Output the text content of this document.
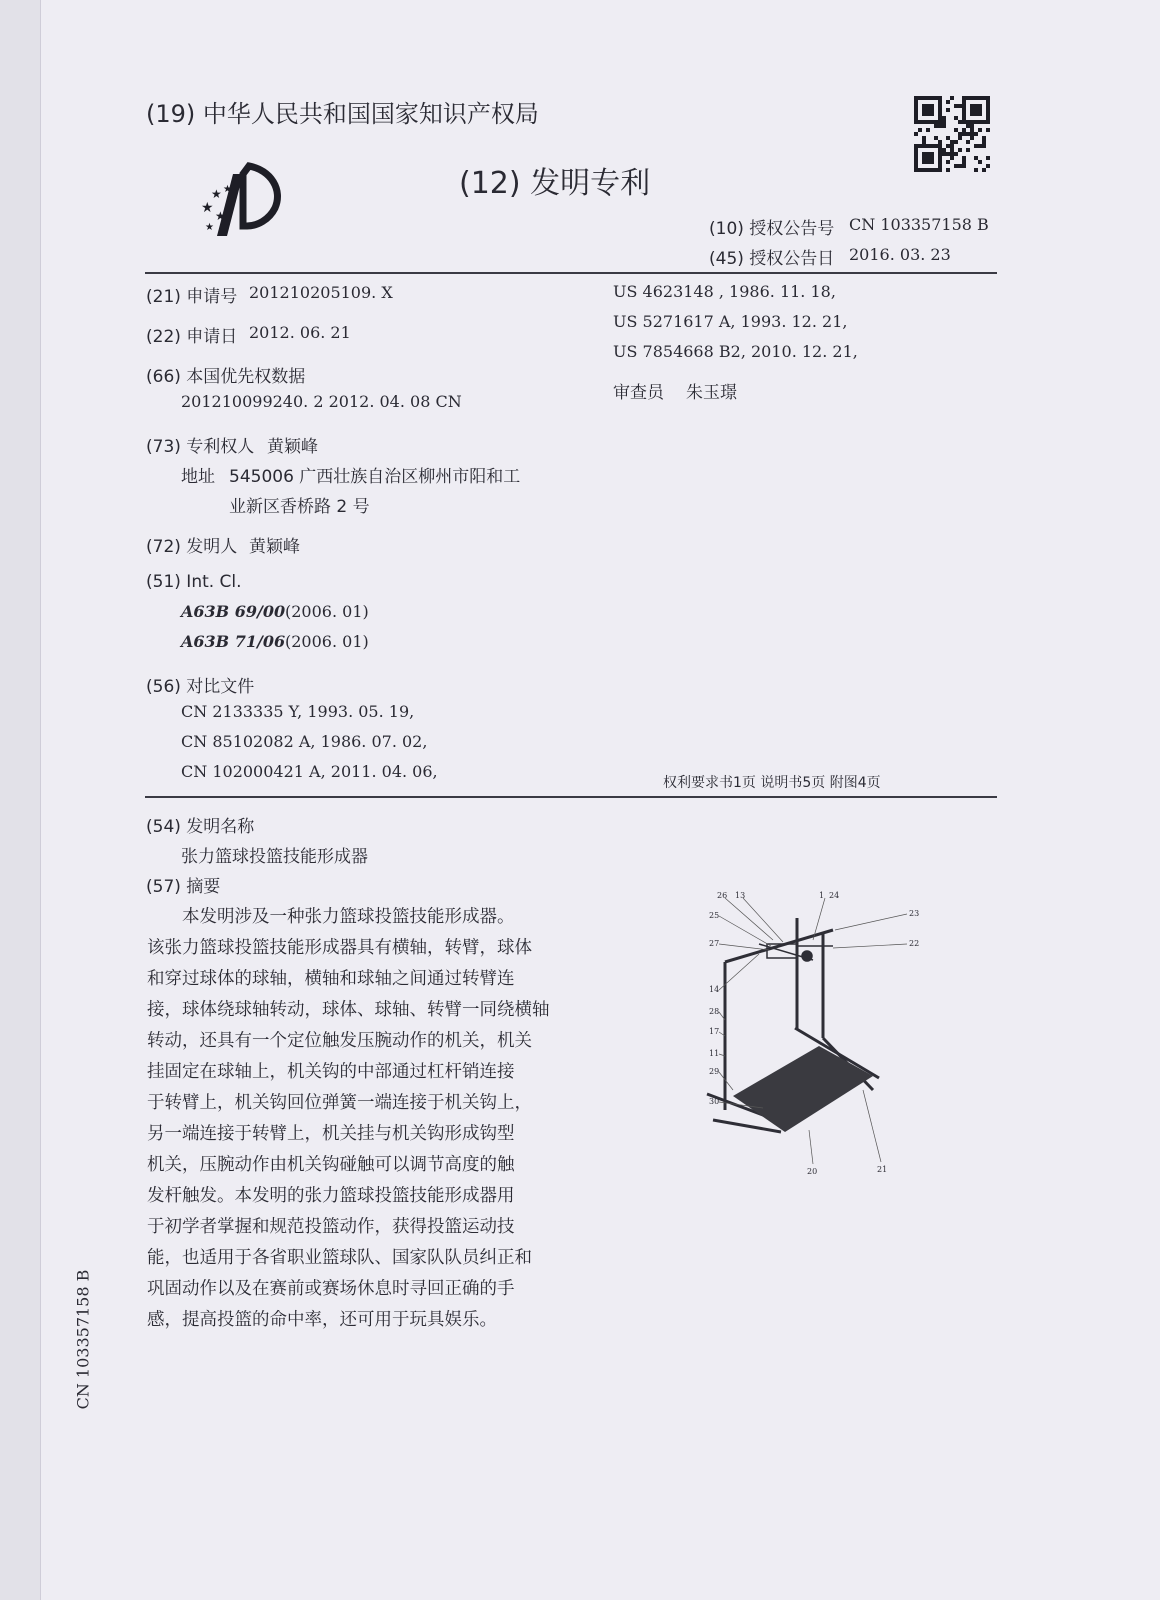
★
★
★
★
★
(19) 中华人民共和国国家知识产权局
(12) 发明专利
(10) 授权公告号 CN 103357158 B
(45) 授权公告日 2016. 03. 23
(21) 申请号 201210205109. X
(22) 申请日 2012. 06. 21
(66) 本国优先权数据
201210099240. 2 2012. 04. 08 CN
(73) 专利权人 黄颖峰
地址 545006 广西壮族自治区柳州市阳和工
业新区香桥路 2 号
(72) 发明人 黄颖峰
(51) Int. Cl.
A63B 69/00 (2006. 01)
A63B 71/06 (2006. 01)
(56) 对比文件
CN 2133335 Y, 1993. 05. 19,
CN 85102082 A, 1986. 07. 02,
CN 102000421 A, 2011. 04. 06,
US 4623148 , 1986. 11. 18,
US 5271617 A, 1993. 12. 21,
US 7854668 B2, 2010. 12. 21,
审查员 朱玉璟
权利要求书1页 说明书5页 附图4页
(54) 发明名称
张力篮球投篮技能形成器
(57) 摘要

本发明涉及一种张力篮球投篮技能形成器。

该张力篮球投篮技能形成器具有横轴，转臂，球体

和穿过球体的球轴，横轴和球轴之间通过转臂连

接，球体绕球轴转动，球体、球轴、转臂一同绕横轴

转动，还具有一个定位触发压腕动作的机关，机关

挂固定在球轴上，机关钩的中部通过杠杆销连接

于转臂上，机关钩回位弹簧一端连接于机关钩上，

另一端连接于转臂上，机关挂与机关钩形成钩型

机关，压腕动作由机关钩碰触可以调节高度的触

发杆触发。本发明的张力篮球投篮技能形成器用

于初学者掌握和规范投篮动作，获得投篮运动技

能，也适用于各省职业篮球队、国家队队员纠正和

巩固动作以及在赛前或赛场休息时寻回正确的手

感，提高投篮的命中率，还可用于玩具娱乐。

26 13
25
27
14
28
17
11
29
30
1 24
23
22
20	21
CN 103357158 B
